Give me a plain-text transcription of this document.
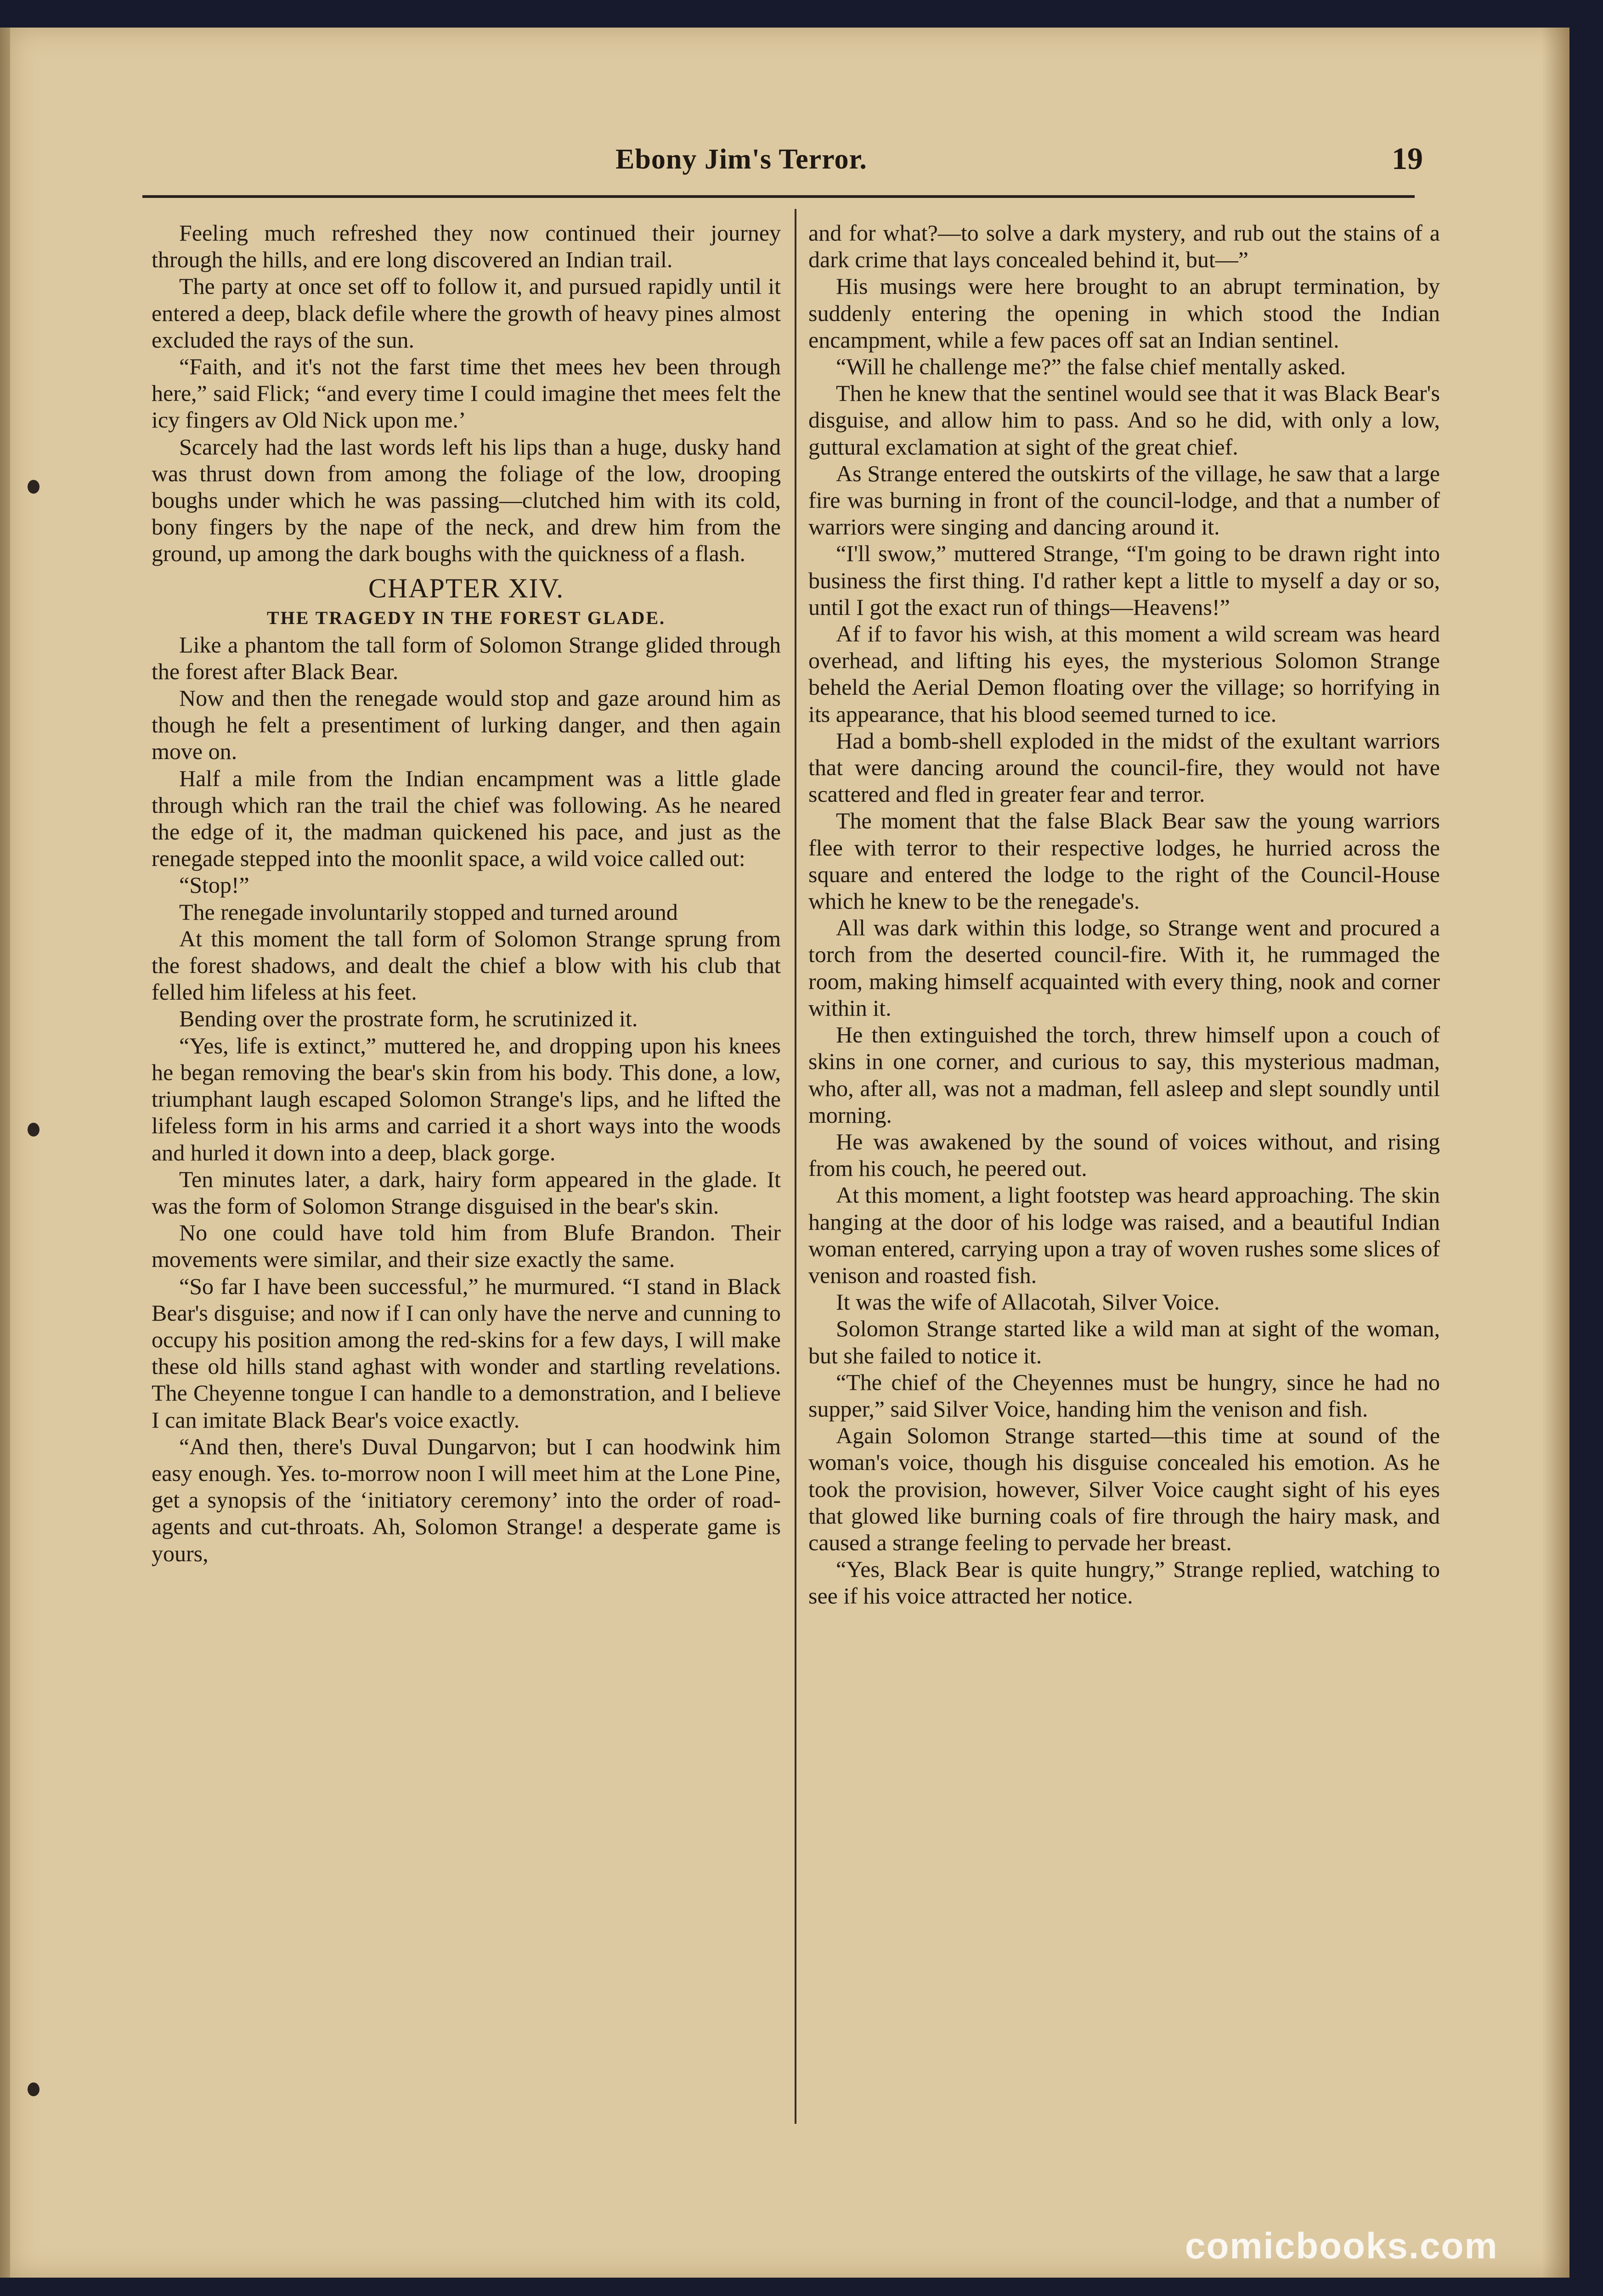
Ebony Jim's Terror.	19

Feeling much refreshed they now continued their journey through the hills, and ere long discovered an Indian trail.

The party at once set off to follow it, and pursued rapidly until it entered a deep, black defile where the growth of heavy pines almost excluded the rays of the sun.

“Faith, and it's not the farst time thet mees hev been through here,” said Flick; “and every time I could imagine thet mees felt the icy fingers av Old Nick upon me.’

Scarcely had the last words left his lips than a huge, dusky hand was thrust down from among the foliage of the low, drooping boughs under which he was passing—clutched him with its cold, bony fingers by the nape of the neck, and drew him from the ground, up among the dark boughs with the quickness of a flash.

CHAPTER XIV.
THE TRAGEDY IN THE FOREST GLADE.

Like a phantom the tall form of Solomon Strange glided through the forest after Black Bear.

Now and then the renegade would stop and gaze around him as though he felt a presentiment of lurking danger, and then again move on.

Half a mile from the Indian encampment was a little glade through which ran the trail the chief was following. As he neared the edge of it, the madman quickened his pace, and just as the renegade stepped into the moonlit space, a wild voice called out:

“Stop!”

The renegade involuntarily stopped and turned around

At this moment the tall form of Solomon Strange sprung from the forest shadows, and dealt the chief a blow with his club that felled him lifeless at his feet.

Bending over the prostrate form, he scrutinized it.

“Yes, life is extinct,” muttered he, and dropping upon his knees he began removing the bear's skin from his body. This done, a low, triumphant laugh escaped Solomon Strange's lips, and he lifted the lifeless form in his arms and carried it a short ways into the woods and hurled it down into a deep, black gorge.

Ten minutes later, a dark, hairy form appeared in the glade. It was the form of Solomon Strange disguised in the bear's skin.

No one could have told him from Blufe Brandon. Their movements were similar, and their size exactly the same.

“So far I have been successful,” he murmured. “I stand in Black Bear's disguise; and now if I can only have the nerve and cunning to occupy his position among the red-skins for a few days, I will make these old hills stand aghast with wonder and startling revelations. The Cheyenne tongue I can handle to a demonstration, and I believe I can imitate Black Bear's voice exactly.

“And then, there's Duval Dungarvon; but I can hoodwink him easy enough. Yes. to-morrow noon I will meet him at the Lone Pine, get a synopsis of the ‘initiatory ceremony’ into the order of road-agents and cut-throats. Ah, Solomon Strange! a desperate game is yours,

and for what?—to solve a dark mystery, and rub out the stains of a dark crime that lays concealed behind it, but—”

His musings were here brought to an abrupt termination, by suddenly entering the opening in which stood the Indian encampment, while a few paces off sat an Indian sentinel.

“Will he challenge me?” the false chief mentally asked.

Then he knew that the sentinel would see that it was Black Bear's disguise, and allow him to pass. And so he did, with only a low, guttural exclamation at sight of the great chief.

As Strange entered the outskirts of the village, he saw that a large fire was burning in front of the council-lodge, and that a number of warriors were singing and dancing around it.

“I'll swow,” muttered Strange, “I'm going to be drawn right into business the first thing. I'd rather kept a little to myself a day or so, until I got the exact run of things—Heavens!”

Af if to favor his wish, at this moment a wild scream was heard overhead, and lifting his eyes, the mysterious Solomon Strange beheld the Aerial Demon floating over the village; so horrifying in its appearance, that his blood seemed turned to ice.

Had a bomb-shell exploded in the midst of the exultant warriors that were dancing around the council-fire, they would not have scattered and fled in greater fear and terror.

The moment that the false Black Bear saw the young warriors flee with terror to their respective lodges, he hurried across the square and entered the lodge to the right of the Council-House which he knew to be the renegade's.

All was dark within this lodge, so Strange went and procured a torch from the deserted council-fire. With it, he rummaged the room, making himself acquainted with every thing, nook and corner within it.

He then extinguished the torch, threw himself upon a couch of skins in one corner, and curious to say, this mysterious madman, who, after all, was not a madman, fell asleep and slept soundly until morning.

He was awakened by the sound of voices without, and rising from his couch, he peered out.

At this moment, a light footstep was heard approaching. The skin hanging at the door of his lodge was raised, and a beautiful Indian woman entered, carrying upon a tray of woven rushes some slices of venison and roasted fish.

It was the wife of Allacotah, Silver Voice.

Solomon Strange started like a wild man at sight of the woman, but she failed to notice it.

“The chief of the Cheyennes must be hungry, since he had no supper,” said Silver Voice, handing him the venison and fish.

Again Solomon Strange started—this time at sound of the woman's voice, though his disguise concealed his emotion. As he took the provision, however, Silver Voice caught sight of his eyes that glowed like burning coals of fire through the hairy mask, and caused a strange feeling to pervade her breast.

“Yes, Black Bear is quite hungry,” Strange replied, watching to see if his voice attracted her notice.

comicbooks.com
